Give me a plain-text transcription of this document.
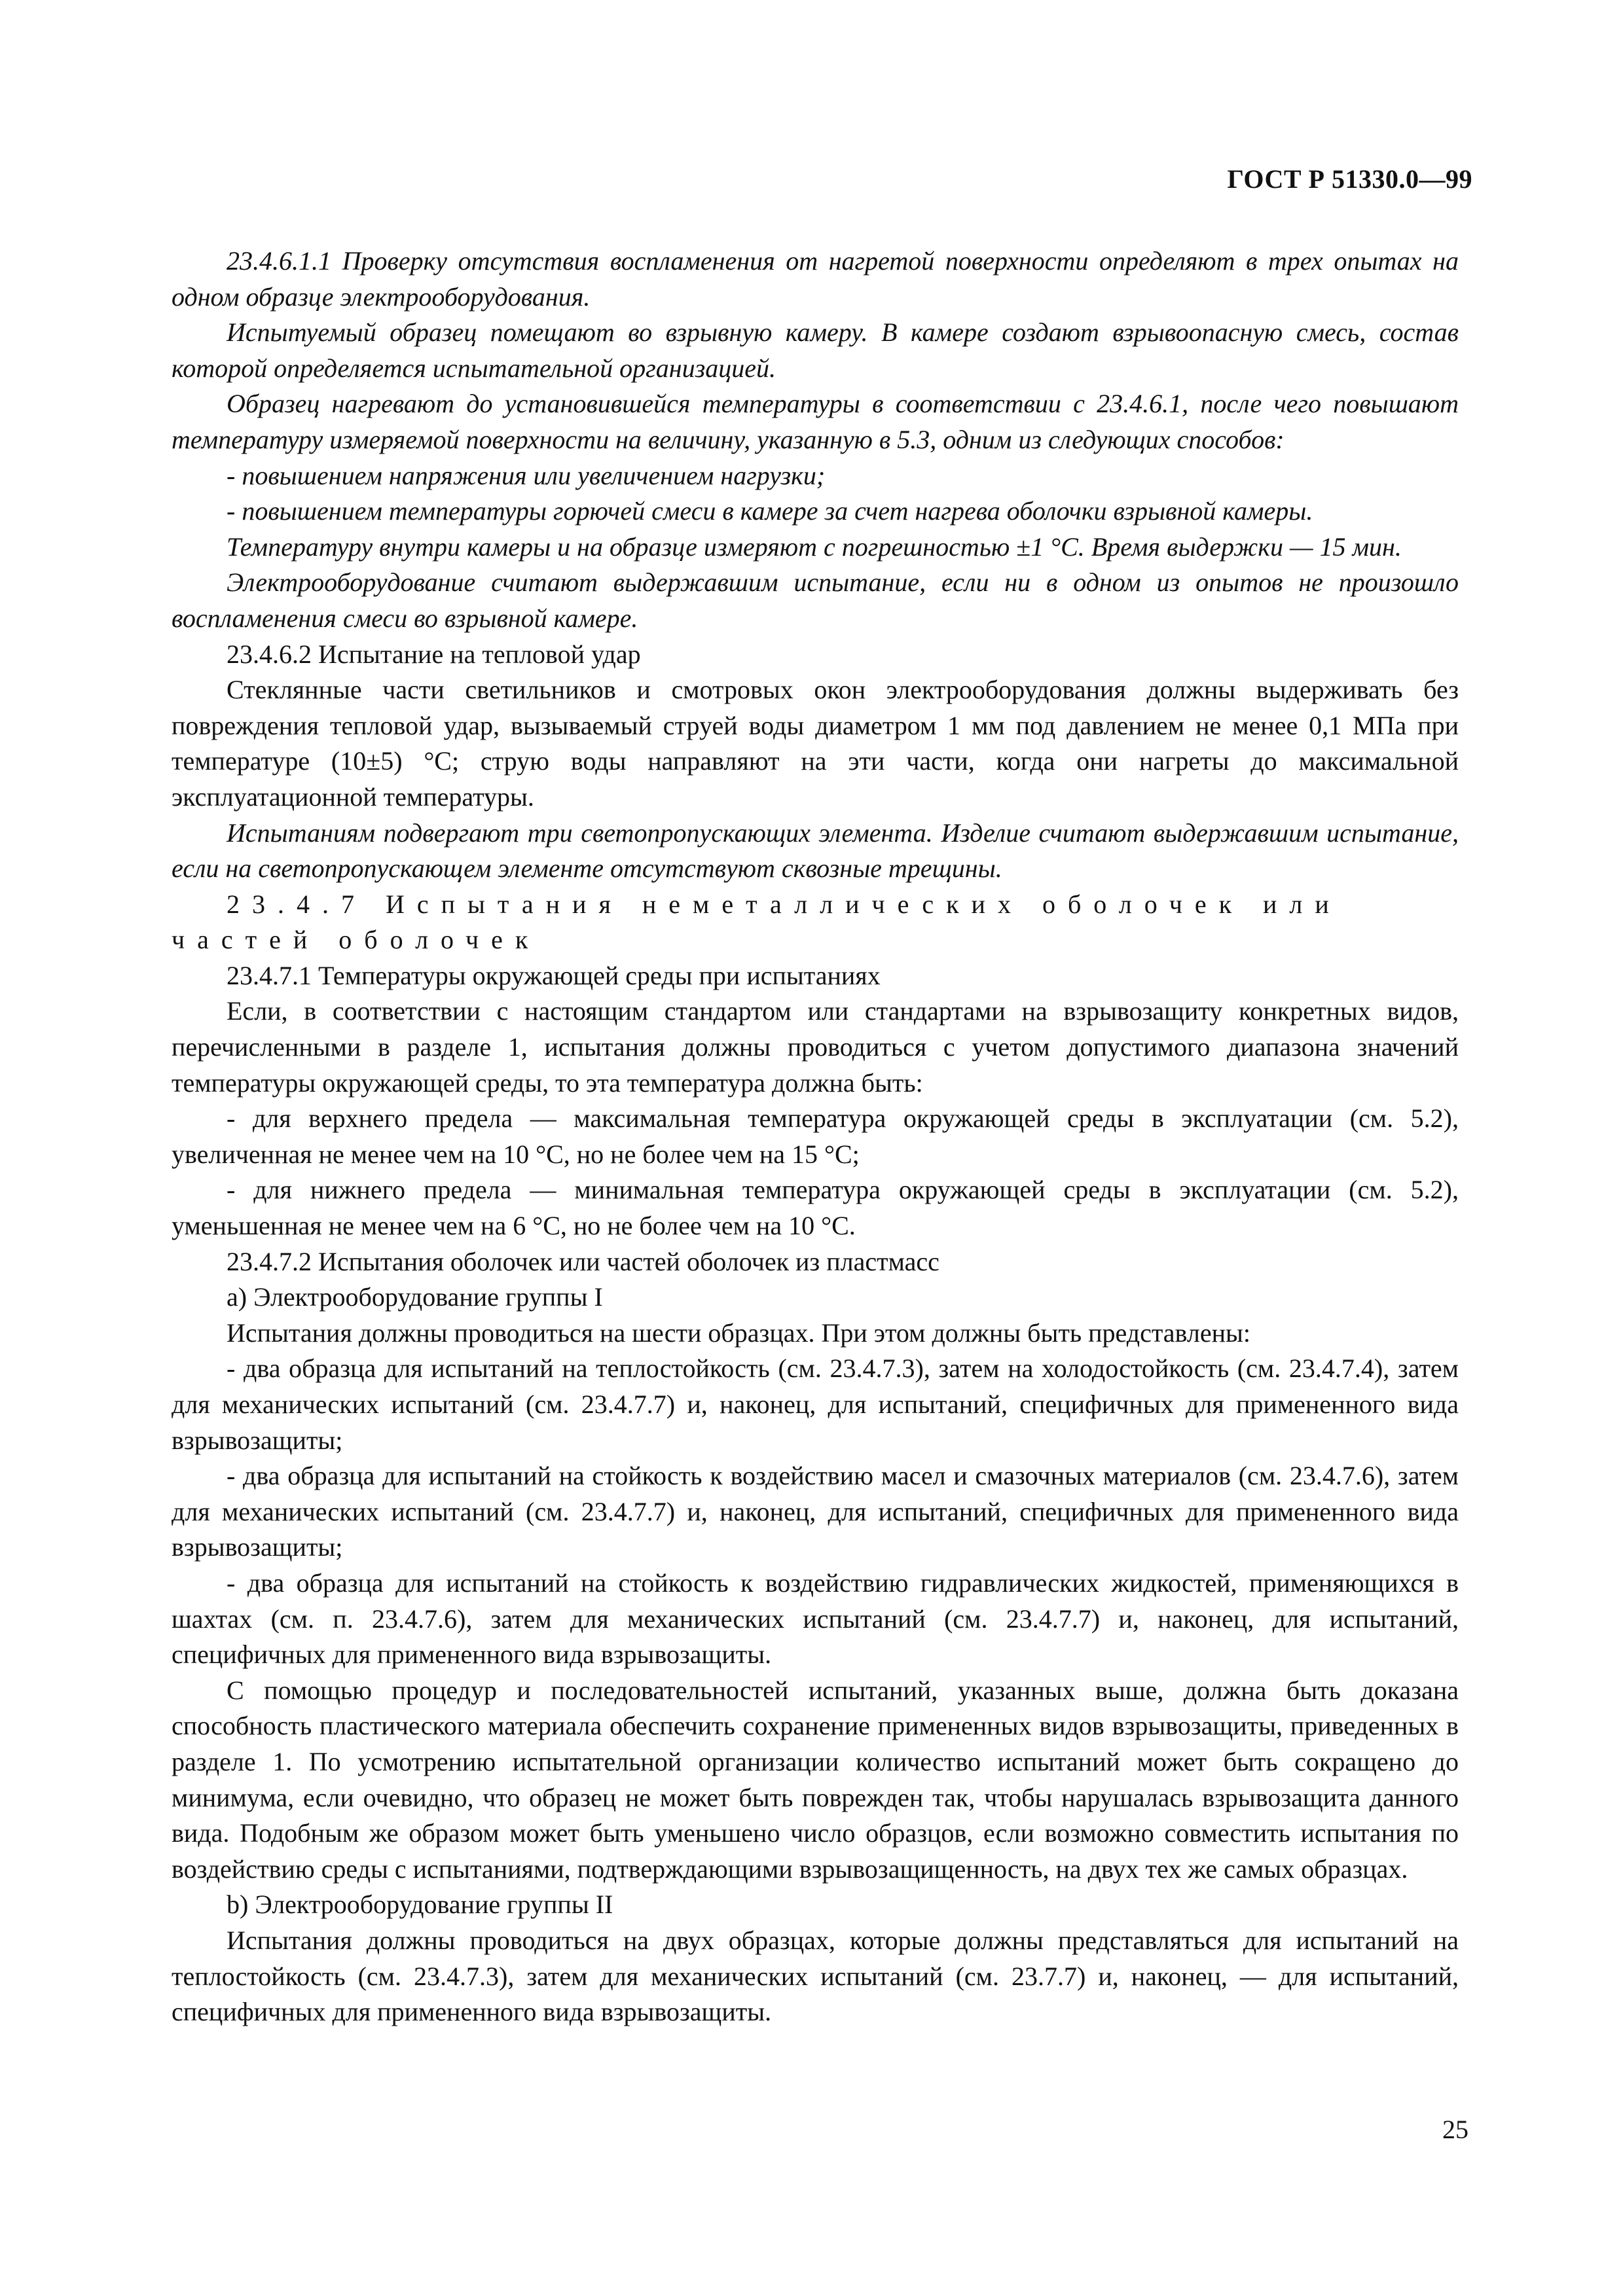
ГОСТ Р 51330.0—99

23.4.6.1.1 Проверку отсутствия воспламенения от нагретой поверхности определяют в трех опытах на одном образце электрооборудования.

Испытуемый образец помещают во взрывную камеру. В камере создают взрывоопасную смесь, состав которой определяется испытательной организацией.

Образец нагревают до установившейся температуры в соответствии с 23.4.6.1, после чего повышают температуру измеряемой поверхности на величину, указанную в 5.3, одним из следующих способов:

- повышением напряжения или увеличением нагрузки;

- повышением температуры горючей смеси в камере за счет нагрева оболочки взрывной камеры.

Температуру внутри камеры и на образце измеряют с погрешностью ±1 °С. Время выдержки — 15 мин.

Электрооборудование считают выдержавшим испытание, если ни в одном из опытов не произошло воспламенения смеси во взрывной камере.

23.4.6.2 Испытание на тепловой удар

Стеклянные части светильников и смотровых окон электрооборудования должны выдерживать без повреждения тепловой удар, вызываемый струей воды диаметром 1 мм под давлением не менее 0,1 МПа при температуре (10±5) °С; струю воды направляют на эти части, когда они нагреты до максимальной эксплуатационной температуры.

Испытаниям подвергают три светопропускающих элемента. Изделие считают выдержавшим испытание, если на светопропускающем элементе отсутствуют сквозные трещины.

23.4.7 Испытания неметаллических оболочек или частей оболочек

23.4.7.1 Температуры окружающей среды при испытаниях

Если, в соответствии с настоящим стандартом или стандартами на взрывозащиту конкретных видов, перечисленными в разделе 1, испытания должны проводиться с учетом допустимого диапазона значений температуры окружающей среды, то эта температура должна быть:

- для верхнего предела — максимальная температура окружающей среды в эксплуатации (см. 5.2), увеличенная не менее чем на 10 °С, но не более чем на 15 °С;

- для нижнего предела — минимальная температура окружающей среды в эксплуатации (см. 5.2), уменьшенная не менее чем на 6 °С, но не более чем на 10 °С.

23.4.7.2 Испытания оболочек или частей оболочек из пластмасс

а) Электрооборудование группы I

Испытания должны проводиться на шести образцах. При этом должны быть представлены:

- два образца для испытаний на теплостойкость (см. 23.4.7.3), затем на холодостойкость (см. 23.4.7.4), затем для механических испытаний (см. 23.4.7.7) и, наконец, для испытаний, специфичных для примененного вида взрывозащиты;

- два образца для испытаний на стойкость к воздействию масел и смазочных материалов (см. 23.4.7.6), затем для механических испытаний (см. 23.4.7.7) и, наконец, для испытаний, специфичных для примененного вида взрывозащиты;

- два образца для испытаний на стойкость к воздействию гидравлических жидкостей, применяющихся в шахтах (см. п. 23.4.7.6), затем для механических испытаний (см. 23.4.7.7) и, наконец, для испытаний, специфичных для примененного вида взрывозащиты.

С помощью процедур и последовательностей испытаний, указанных выше, должна быть доказана способность пластического материала обеспечить сохранение примененных видов взрывозащиты, приведенных в разделе 1. По усмотрению испытательной организации количество испытаний может быть сокращено до минимума, если очевидно, что образец не может быть поврежден так, чтобы нарушалась взрывозащита данного вида. Подобным же образом может быть уменьшено число образцов, если возможно совместить испытания по воздействию среды с испытаниями, подтверждающими взрывозащищенность, на двух тех же самых образцах.

b) Электрооборудование группы II

Испытания должны проводиться на двух образцах, которые должны представляться для испытаний на теплостойкость (см. 23.4.7.3), затем для механических испытаний (см. 23.7.7) и, наконец, — для испытаний, специфичных для примененного вида взрывозащиты.

25
